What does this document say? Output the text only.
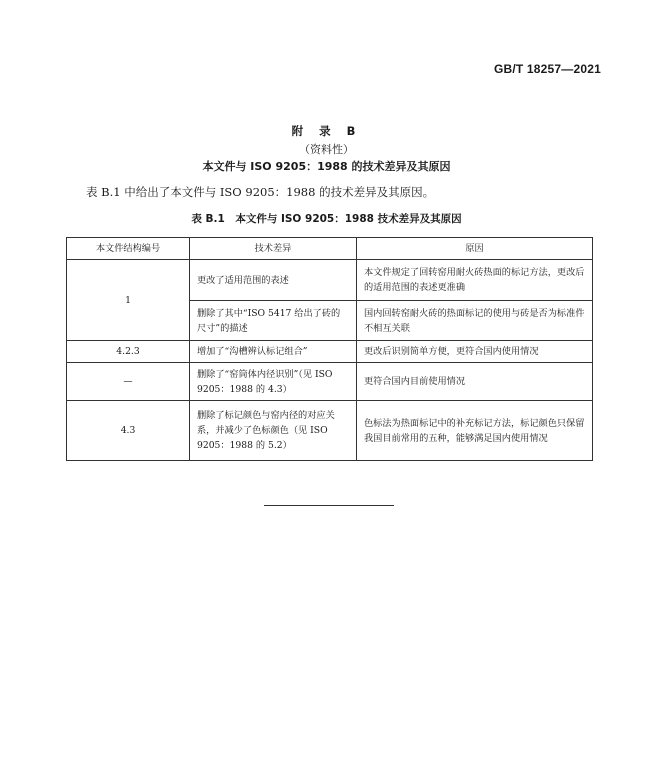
GB/T 18257—2021
附 录 B
（资料性）
本文件与 ISO 9205：1988 的技术差异及其原因
表 B.1 中给出了本文件与 ISO 9205：1988 的技术差异及其原因。
表 B.1　本文件与 ISO 9205：1988 技术差异及其原因
本文件结构编号	技术差异	原因
1	更改了适用范围的表述	本文件规定了回转窑用耐火砖热面的标记方法，更改后的适用范围的表述更准确
	删除了其中“ISO 5417 给出了砖的尺寸”的描述	国内回转窑耐火砖的热面标记的使用与砖是否为标准件不相互关联
4.2.3	增加了“沟槽辨认标记组合”	更改后识别简单方便，更符合国内使用情况
—	删除了“窑筒体内径识别”（见 ISO 9205：1988 的 4.3）	更符合国内目前使用情况
4.3	删除了标记颜色与窑内径的对应关系，并减少了色标颜色（见 ISO 9205：1988 的 5.2）	色标法为热面标记中的补充标记方法，标记颜色只保留我国目前常用的五种，能够满足国内使用情况
